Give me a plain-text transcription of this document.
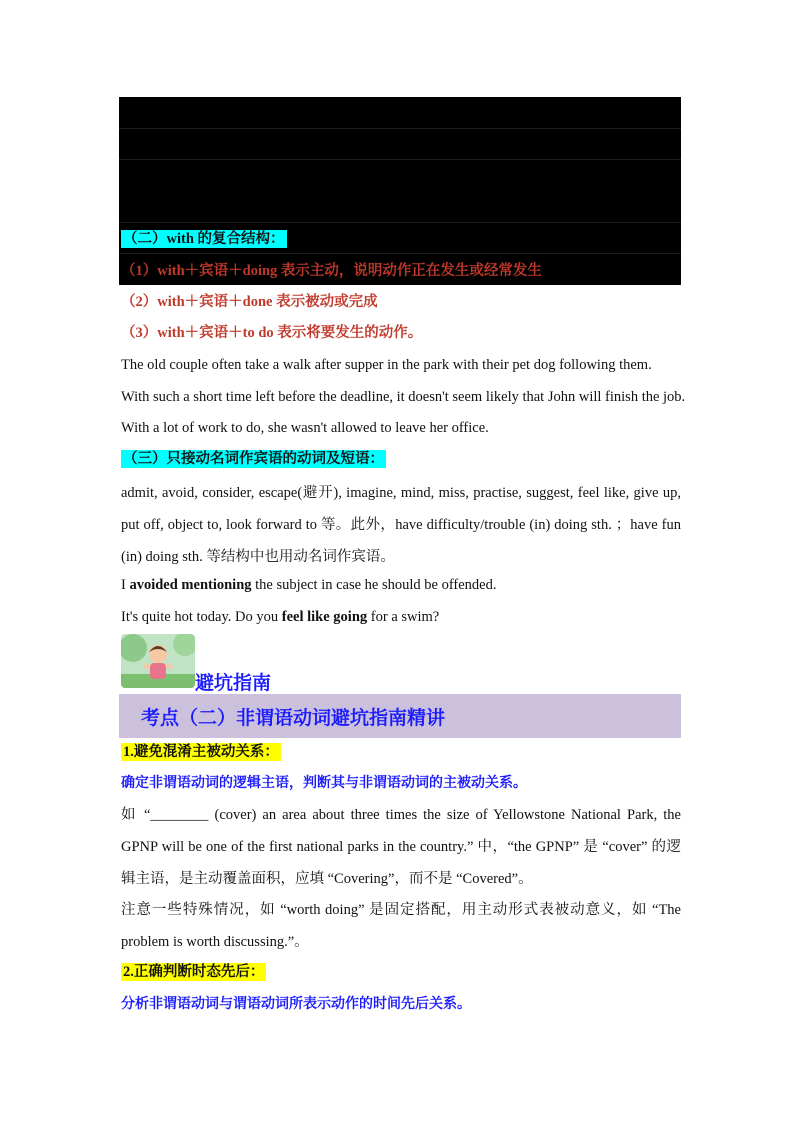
（二）with 的复合结构：
（1）with＋宾语＋doing 表示主动，说明动作正在发生或经常发生
（2）with＋宾语＋done 表示被动或完成
（3）with＋宾语＋to do 表示将要发生的动作。
The old couple often take a walk after supper in the park with their pet dog following them.
With such a short time left before the deadline, it doesn't seem likely that John will finish the job.
With a lot of work to do, she wasn't allowed to leave her office.
（三）只接动名词作宾语的动词及短语：
admit, avoid, consider, escape(避开), imagine, mind, miss, practise, suggest, feel like, give up, put off, object to, look forward to 等。此外，have difficulty/trouble (in) doing sth. ；have fun (in) doing sth. 等结构中也用动名词作宾语。
I avoided mentioning the subject in case he should be offended.
It's quite hot today. Do you feel like going for a swim?
避坑指南
考点（二）非谓语动词避坑指南精讲
1.避免混淆主被动关系：
确定非谓语动词的逻辑主语，判断其与非谓语动词的主被动关系。
如 “________ (cover) an area about three times the size of Yellowstone National Park, the GPNP will be one of the first national parks in the country.” 中，“the GPNP” 是 “cover” 的逻辑主语，是主动覆盖面积，应填 “Covering”，而不是 “Covered”。
注意一些特殊情况，如 “worth doing” 是固定搭配，用主动形式表被动意义，如 “The problem is worth discussing.”。
2.正确判断时态先后：
分析非谓语动词与谓语动词所表示动作的时间先后关系。
